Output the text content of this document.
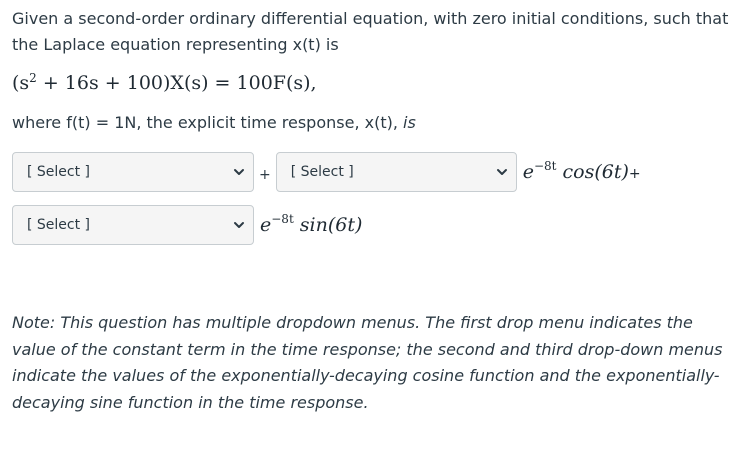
Given a second-order ordinary differential equation, with zero initial conditions, such that the Laplace equation representing x(t) is

$(s^2 + 16s + 100)X(s) = 100F(s)$,
where f(t) = 1N, the explicit time response, x(t), is
[ Select ]	+ [ Select ]	$e^{-8t}$ cos(6t)+
[ Select ]	$e^{-8t}$ sin(6t)

Note: This question has multiple dropdown menus. The first drop menu indicates the value of the constant term in the time response; the second and third drop-down menus indicate the values of the exponentially-decaying cosine function and the exponentially-decaying sine function in the time response.
